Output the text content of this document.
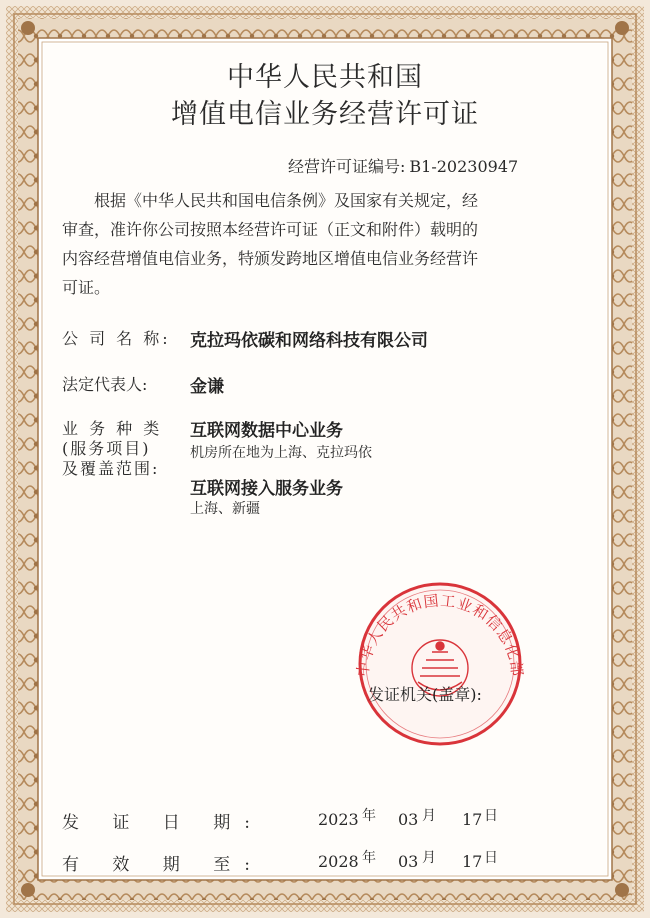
中华人民共和国
增值电信业务经营许可证
经营许可证编号: B1-20230947
根据《中华人民共和国电信条例》及国家有关规定，经
审查，准许你公司按照本经营许可证（正文和附件）载明的
内容经营增值电信业务，特颁发跨地区增值电信业务经营许
可证。
公 司 名 称: 克拉玛依碳和网络科技有限公司
法定代表人:	金谦
业 务 种 类
(服务项目)
及覆盖范围:
互联网数据中心业务
机房所在地为上海、克拉玛依
互联网接入服务业务
上海、新疆
中华人民共和国工业和信息化部
发证机关(盖章):
发 证 日 期:	2023 年 03 月 17 日
有 效 期 至:	2028 年 03 月 17 日
